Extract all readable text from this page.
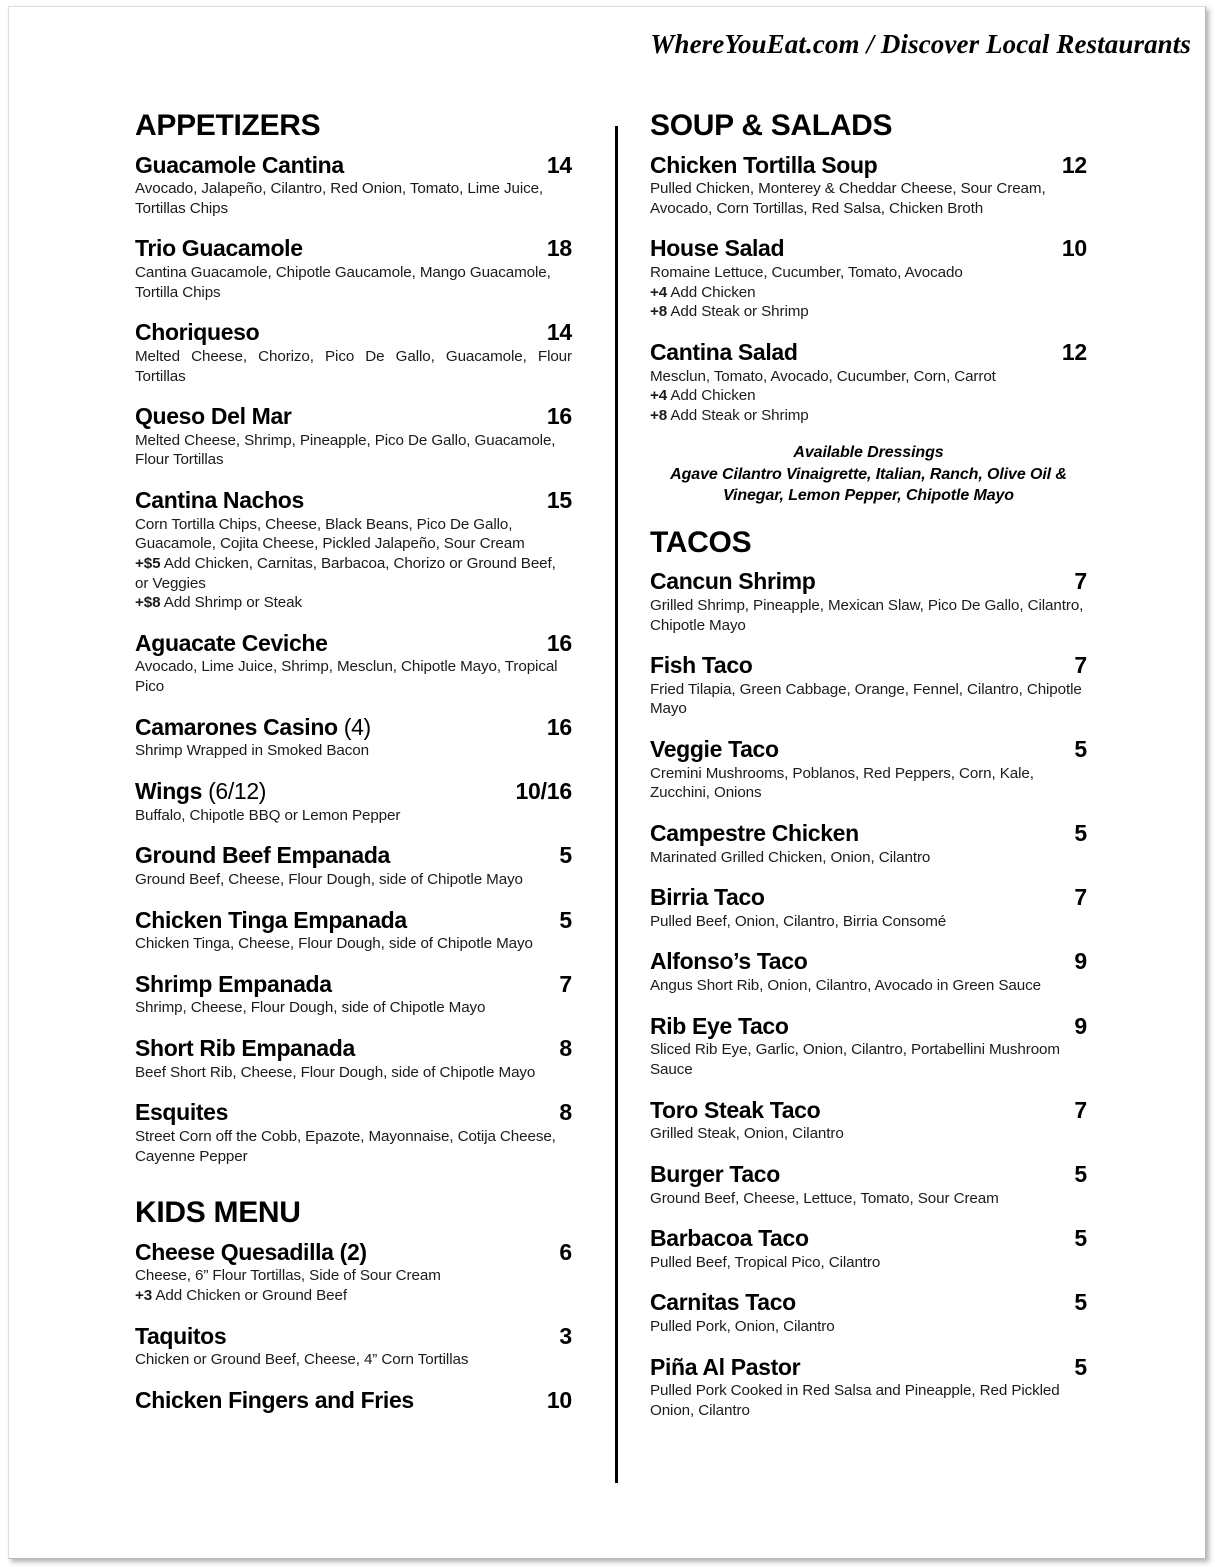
WhereYouEat.com / Discover Local Restaurants
APPETIZERS
Guacamole Cantina	14
Avocado, Jalapeño, Cilantro, Red Onion, Tomato, Lime Juice, Tortillas Chips
Trio Guacamole	18
Cantina Guacamole, Chipotle Gaucamole, Mango Guacamole, Tortilla Chips
Choriqueso	14
Melted Cheese, Chorizo, Pico De Gallo, Guacamole, Flour Tortillas
Queso Del Mar	16
Melted Cheese, Shrimp, Pineapple, Pico De Gallo, Guacamole, Flour Tortillas
Cantina Nachos	15
Corn Tortilla Chips, Cheese, Black Beans, Pico De Gallo, Guacamole, Cojita Cheese, Pickled Jalapeño, Sour Cream
+$5 Add Chicken, Carnitas, Barbacoa, Chorizo or Ground Beef, or Veggies
+$8 Add Shrimp or Steak
Aguacate Ceviche	16
Avocado, Lime Juice, Shrimp, Mesclun, Chipotle Mayo, Tropical Pico
Camarones Casino (4)	16
Shrimp Wrapped in Smoked Bacon
Wings (6/12)	10/16
Buffalo, Chipotle BBQ or Lemon Pepper
Ground Beef Empanada	5
Ground Beef, Cheese, Flour Dough, side of Chipotle Mayo
Chicken Tinga Empanada	5
Chicken Tinga, Cheese, Flour Dough, side of Chipotle Mayo
Shrimp Empanada	7
Shrimp, Cheese, Flour Dough, side of Chipotle Mayo
Short Rib Empanada	8
Beef Short Rib, Cheese, Flour Dough, side of Chipotle Mayo
Esquites	8
Street Corn off the Cobb, Epazote, Mayonnaise, Cotija Cheese, Cayenne Pepper
KIDS MENU
Cheese Quesadilla (2)	6
Cheese, 6” Flour Tortillas, Side of Sour Cream
+3 Add Chicken or Ground Beef
Taquitos	3
Chicken or Ground Beef, Cheese, 4” Corn Tortillas
Chicken Fingers and Fries	10
SOUP & SALADS
Chicken Tortilla Soup	12
Pulled Chicken, Monterey & Cheddar Cheese, Sour Cream, Avocado, Corn Tortillas, Red Salsa, Chicken Broth
House Salad	10
Romaine Lettuce, Cucumber, Tomato, Avocado
+4 Add Chicken
+8 Add Steak or Shrimp
Cantina Salad	12
Mesclun, Tomato, Avocado, Cucumber, Corn, Carrot
+4 Add Chicken
+8 Add Steak or Shrimp
Available Dressings
Agave Cilantro Vinaigrette, Italian, Ranch, Olive Oil & Vinegar, Lemon Pepper, Chipotle Mayo
TACOS
Cancun Shrimp	7
Grilled Shrimp, Pineapple, Mexican Slaw, Pico De Gallo, Cilantro, Chipotle Mayo
Fish Taco	7
Fried Tilapia, Green Cabbage, Orange, Fennel, Cilantro, Chipotle Mayo
Veggie Taco	5
Cremini Mushrooms, Poblanos, Red Peppers, Corn, Kale, Zucchini, Onions
Campestre Chicken	5
Marinated Grilled Chicken, Onion, Cilantro
Birria Taco	7
Pulled Beef, Onion, Cilantro, Birria Consomé
Alfonso’s Taco	9
Angus Short Rib, Onion, Cilantro, Avocado in Green Sauce
Rib Eye Taco	9
Sliced Rib Eye, Garlic, Onion, Cilantro, Portabellini Mushroom Sauce
Toro Steak Taco	7
Grilled Steak, Onion, Cilantro
Burger Taco	5
Ground Beef, Cheese, Lettuce, Tomato, Sour Cream
Barbacoa Taco	5
Pulled Beef, Tropical Pico, Cilantro
Carnitas Taco	5
Pulled Pork, Onion, Cilantro
Piña Al Pastor	5
Pulled Pork Cooked in Red Salsa and Pineapple, Red Pickled Onion, Cilantro
